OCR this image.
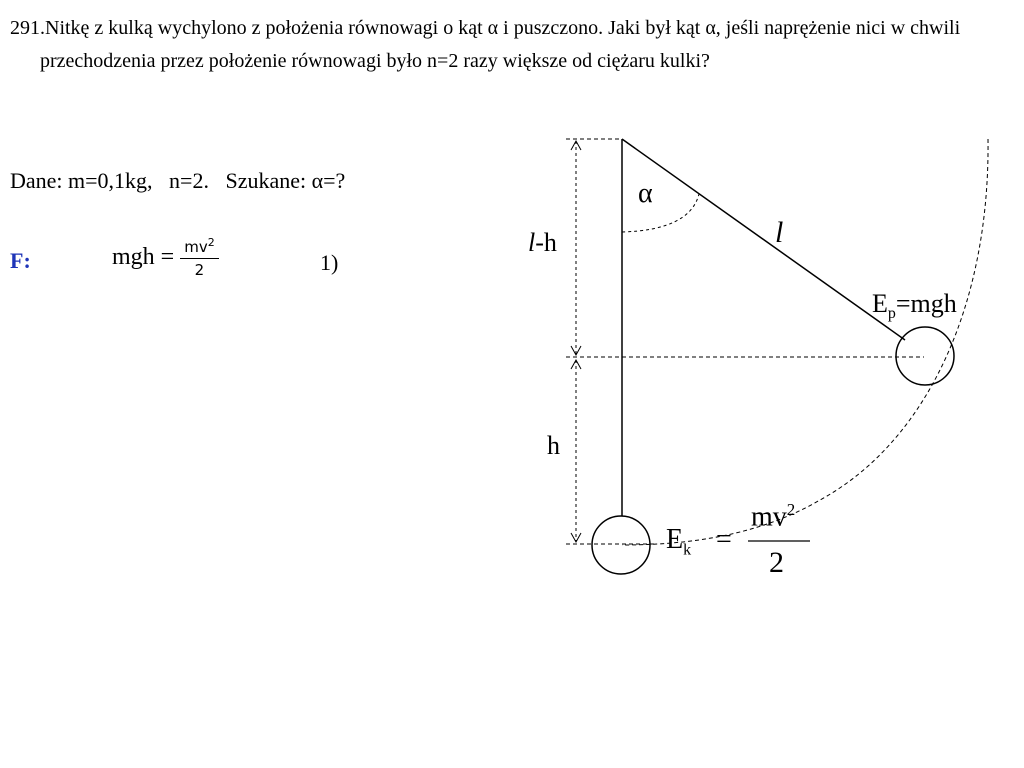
291.Nitkę z kulką wychylono z położenia równowagi o kąt α i puszczono. Jaki był kąt α, jeśli naprężenie nici w chwili przechodzenia przez położenie równowagi było n=2 razy większe od ciężaru kulki?
Dane: m=0,1kg,   n=2.   Szukane: α=?
F:	mgh = $\frac{mv^2}{2}$	1)
α
l
l-h
h
$E_p=mgh$
$E_k$ =
$mv^2$
2
